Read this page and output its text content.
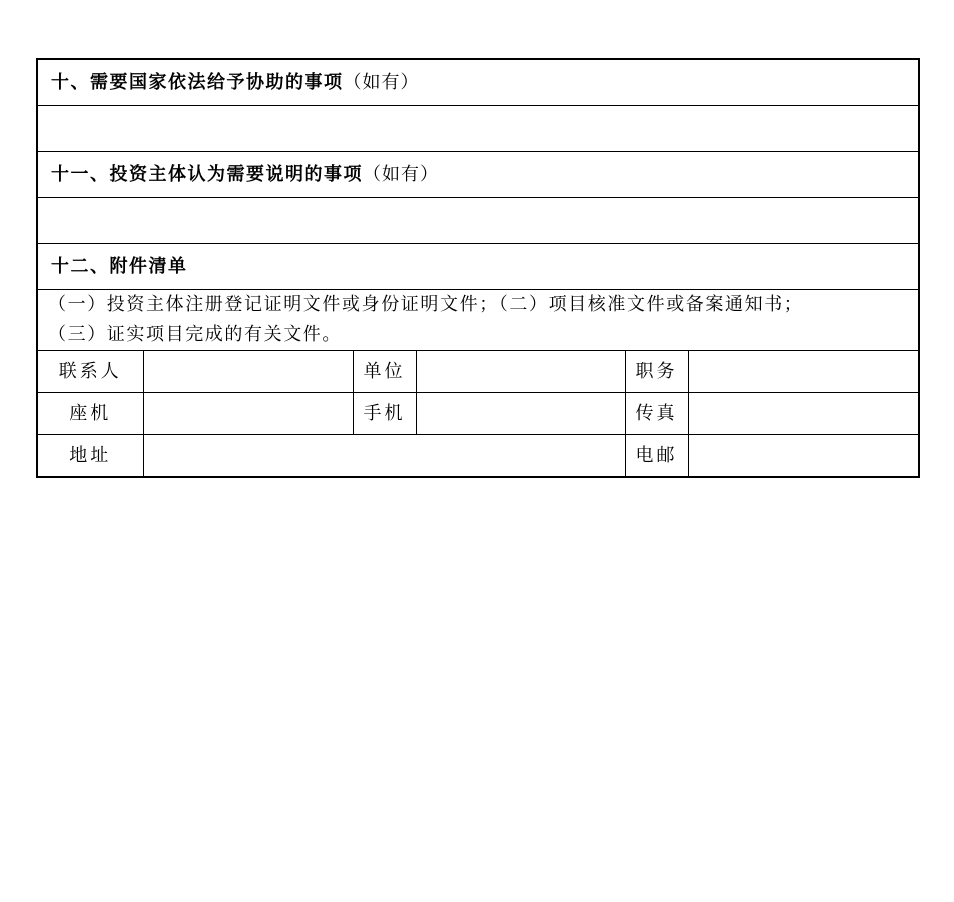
十、需要国家依法给予协助的事项（如有）					

十一、投资主体认为需要说明的事项（如有）					

十二、附件清单					

（一）投资主体注册登记证明文件或身份证明文件；（二）项目核准文件或备案通知书；
（三）证实项目完成的有关文件。					

联系人		单位		职务	
座机		手机		传真	
地址				电邮	
